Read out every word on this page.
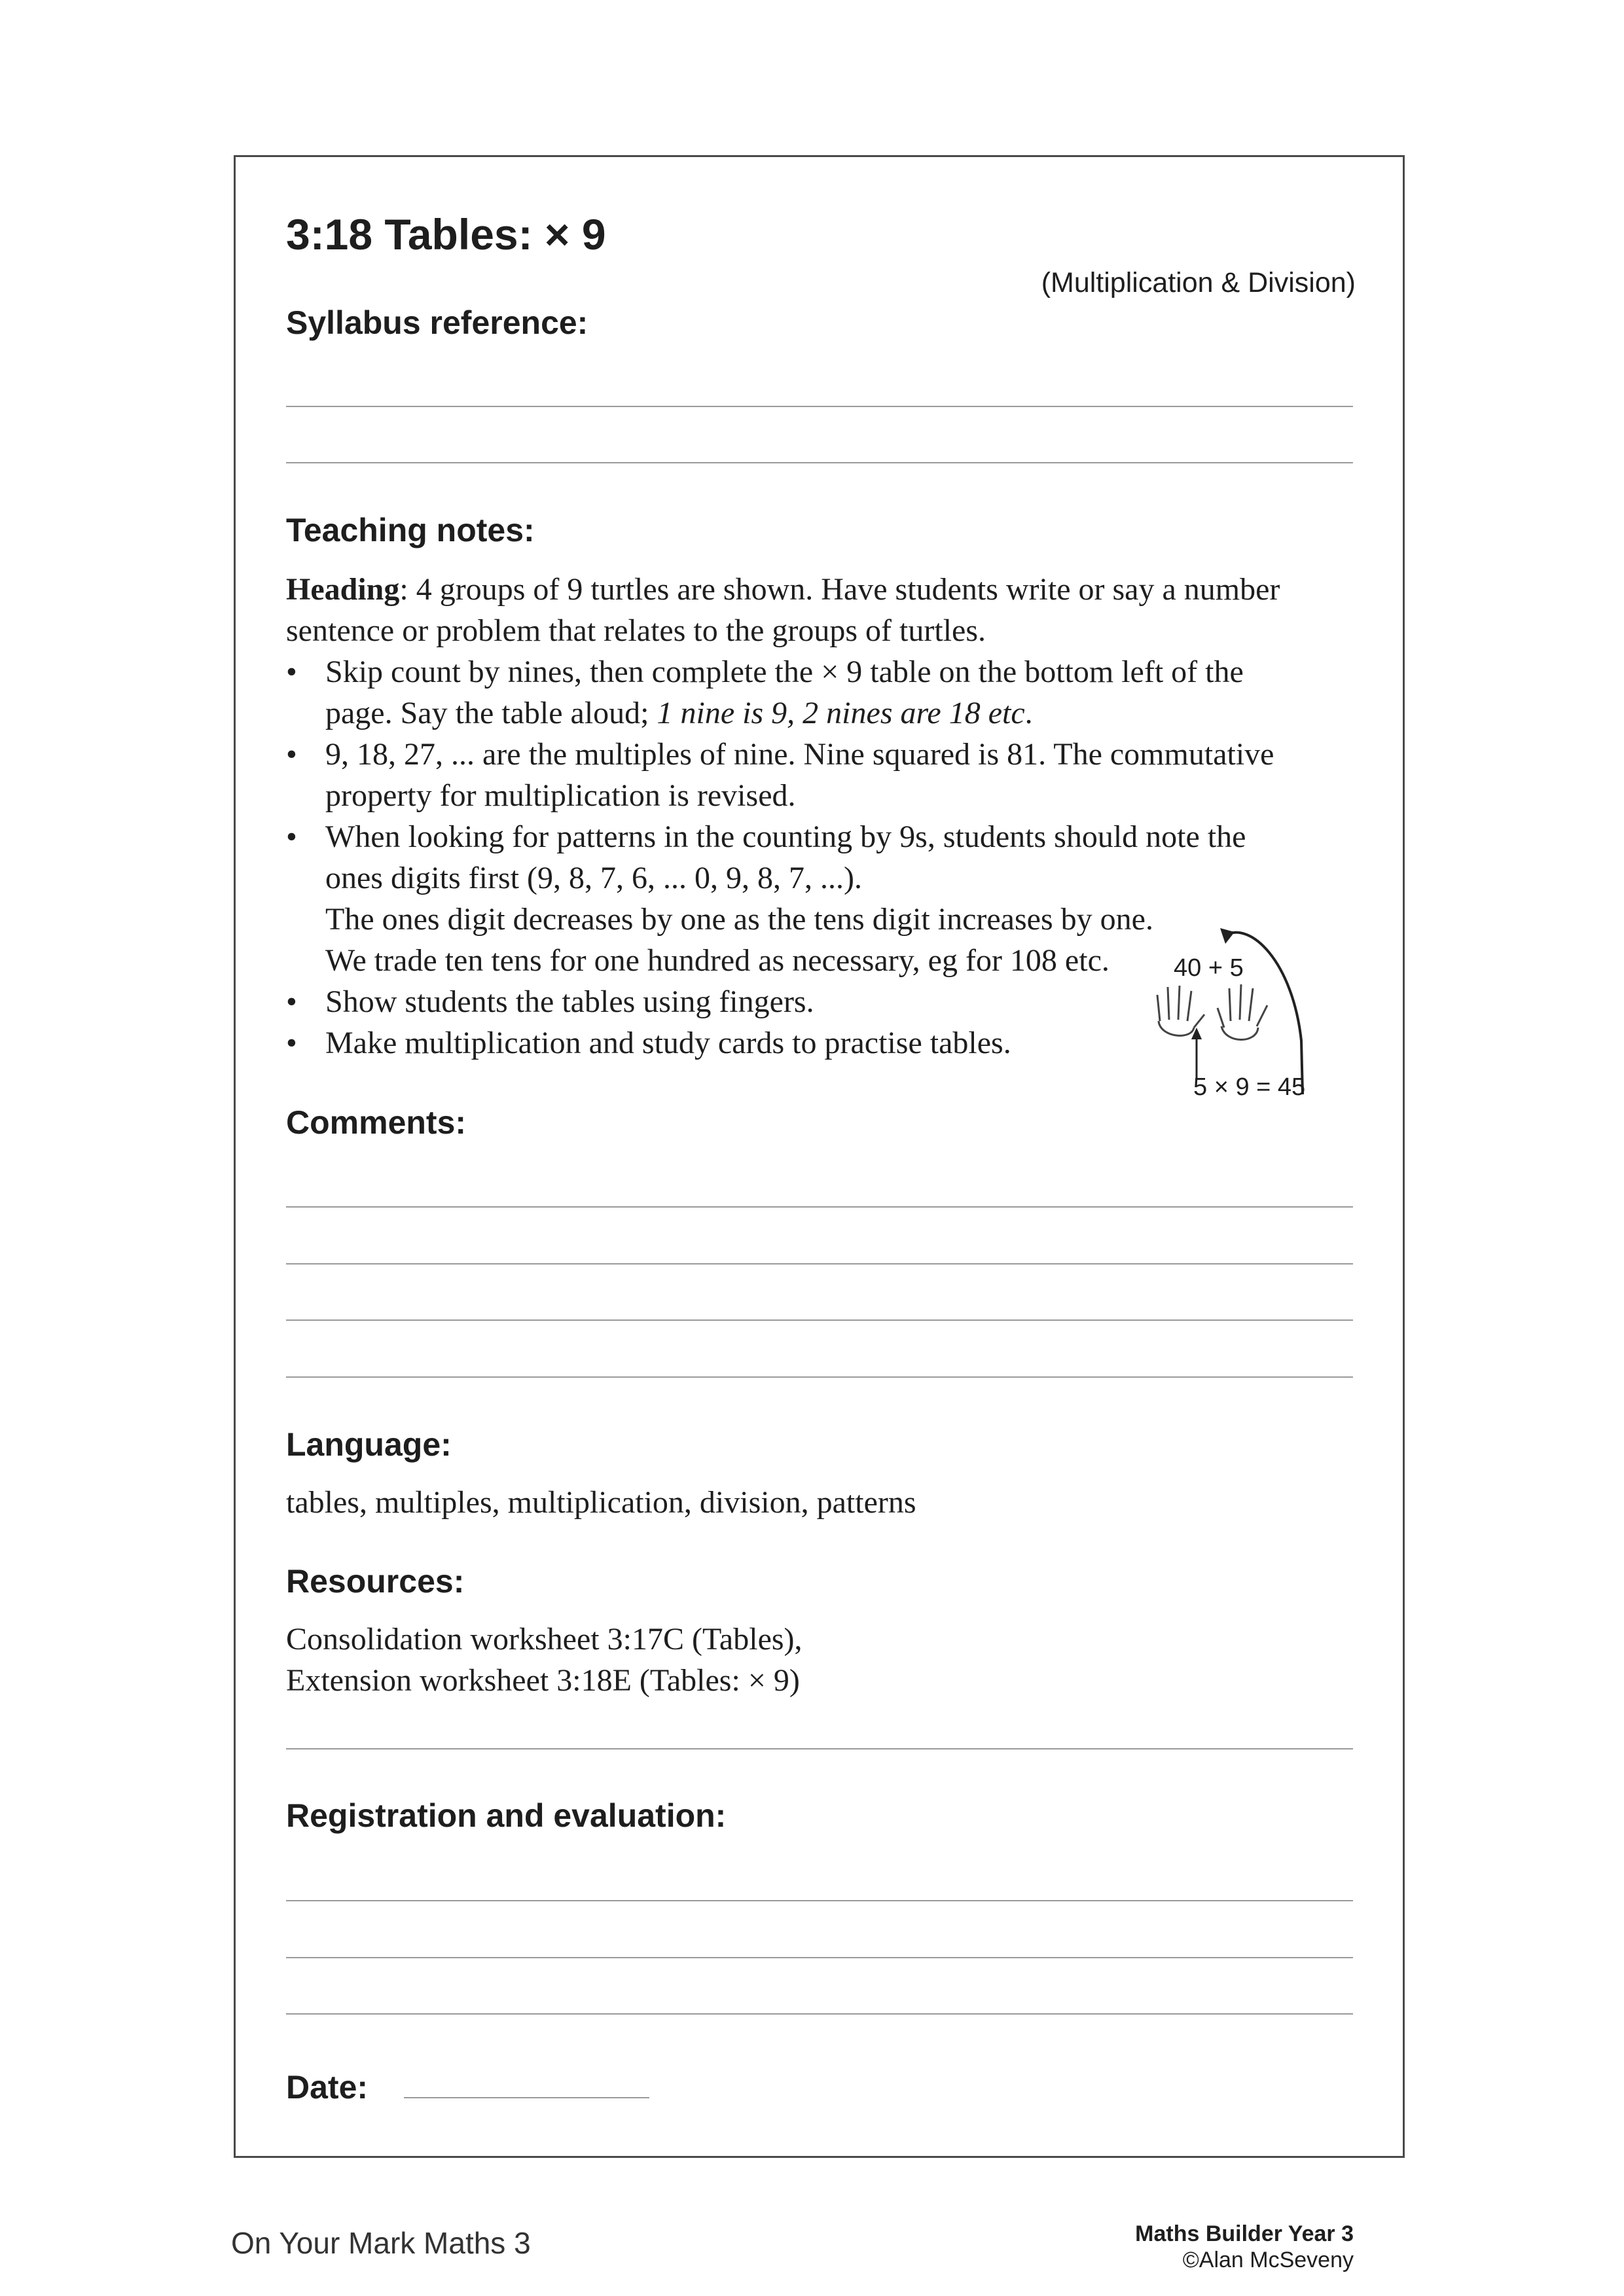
3:18 Tables: × 9
(Multiplication & Division)
Syllabus reference:
Teaching notes:
Heading: 4 groups of 9 turtles are shown. Have students write or say a number
sentence or problem that relates to the groups of turtles.
• Skip count by nines, then complete the × 9 table on the bottom left of the
page. Say the table aloud; 1 nine is 9, 2 nines are 18 etc.
• 9, 18, 27, ... are the multiples of nine. Nine squared is 81. The commutative
property for multiplication is revised.
• When looking for patterns in the counting by 9s, students should note the
ones digits first (9, 8, 7, 6, ... 0, 9, 8, 7, ...).
The ones digit decreases by one as the tens digit increases by one.
We trade ten tens for one hundred as necessary, eg for 108 etc.
• Show students the tables using fingers.
• Make multiplication and study cards to practise tables.
40 + 5
5 × 9 = 45
Comments:
Language:
tables, multiples, multiplication, division, patterns
Resources:
Consolidation worksheet 3:17C (Tables),
Extension worksheet 3:18E (Tables: × 9)
Registration and evaluation:
Date:
On Your Mark Maths 3	Maths Builder Year 3
©Alan McSeveny
